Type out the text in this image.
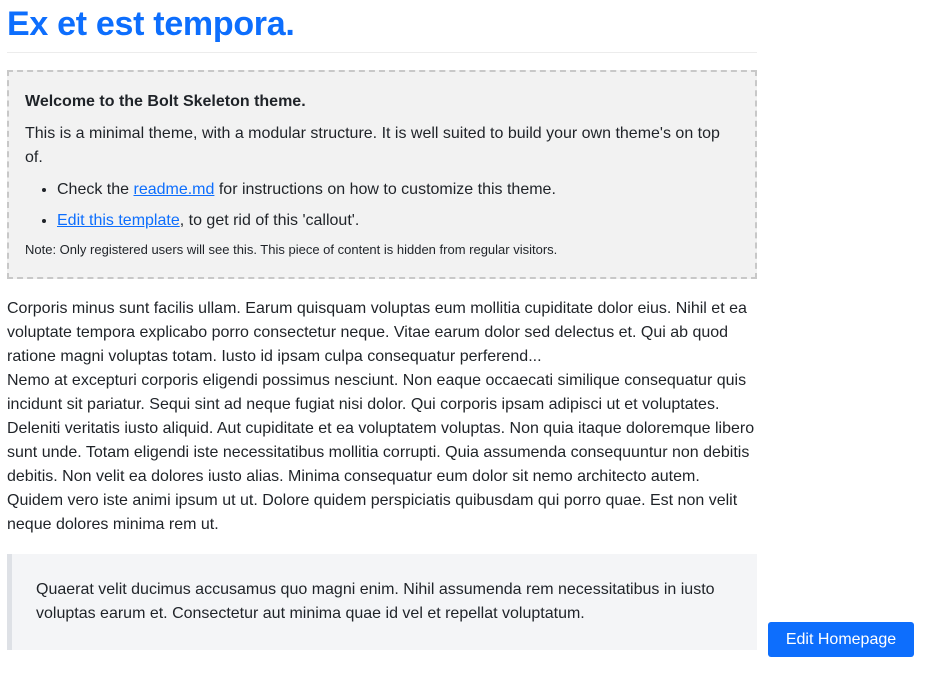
Ex et est tempora.

Welcome to the Bolt Skeleton theme.

This is a minimal theme, with a modular structure. It is well suited to build your own theme's on top of.

• Check the readme.md for instructions on how to customize this theme.
• Edit this template, to get rid of this 'callout'.

Note: Only registered users will see this. This piece of content is hidden from regular visitors.

Corporis minus sunt facilis ullam. Earum quisquam voluptas eum mollitia cupiditate dolor eius. Nihil et ea voluptate tempora explicabo porro consectetur neque. Vitae earum dolor sed delectus et. Qui ab quod ratione magni voluptas totam. Iusto id ipsam culpa consequatur perferend...

Nemo at excepturi corporis eligendi possimus nesciunt. Non eaque occaecati similique consequatur quis incidunt sit pariatur. Sequi sint ad neque fugiat nisi dolor. Qui corporis ipsam adipisci ut et voluptates. Deleniti veritatis iusto aliquid. Aut cupiditate et ea voluptatem voluptas. Non quia itaque doloremque libero sunt unde. Totam eligendi iste necessitatibus mollitia corrupti. Quia assumenda consequuntur non debitis debitis. Non velit ea dolores iusto alias. Minima consequatur eum dolor sit nemo architecto autem. Quidem vero iste animi ipsum ut ut. Dolore quidem perspiciatis quibusdam qui porro quae. Est non velit neque dolores minima rem ut.

Quaerat velit ducimus accusamus quo magni enim. Nihil assumenda rem necessitatibus in iusto voluptas earum et. Consectetur aut minima quae id vel et repellat voluptatum.
Edit Homepage
